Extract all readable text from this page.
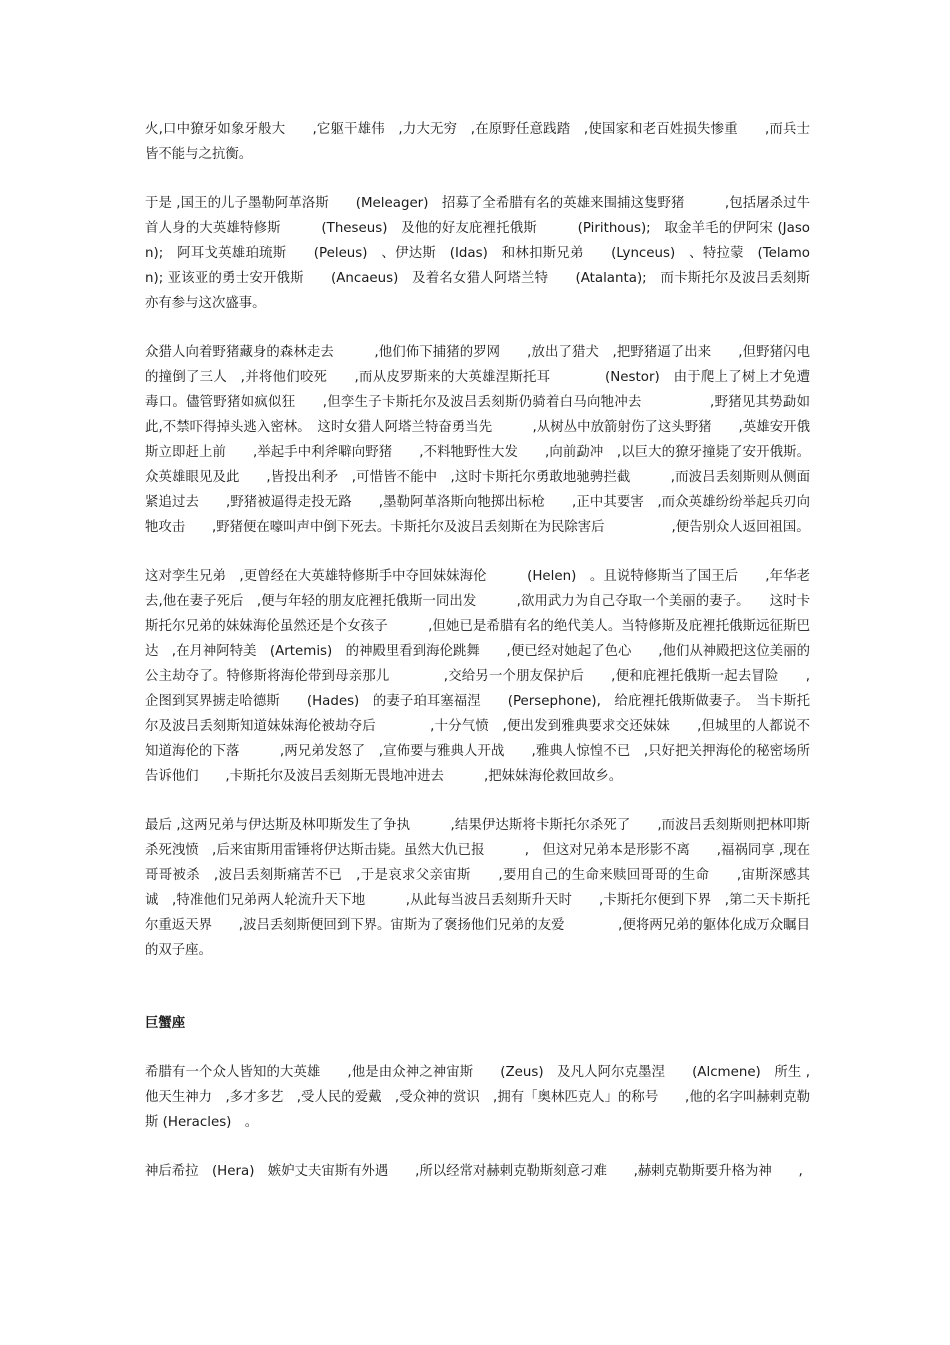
火,口中獠牙如象牙般大　　,它躯干雄伟　,力大无穷　,在原野任意践踏　,使国家和老百姓损失惨重　　,而兵士皆不能与之抗衡。

于是 ,国王的儿子墨勒阿革洛斯　　(Meleager)　招募了全希腊有名的英雄来围捕这隻野猪　　　,包括屠杀过牛首人身的大英雄特修斯　　　(Theseus)　及他的好友庇裡托俄斯　　　(Pirithous);　取金羊毛的伊阿宋 (Jason);　阿耳戈英雄珀琉斯　　(Peleus)　、伊达斯　(Idas)　和林扣斯兄弟　　(Lynceus)　、特拉蒙　(Telamon); 亚该亚的勇士安开俄斯　　(Ancaeus)　及着名女猎人阿塔兰特　　(Atalanta);　而卡斯托尔及波吕丢刻斯亦有参与这次盛事。

众猎人向着野猪藏身的森林走去　　　,他们佈下捕猪的罗网　　,放出了猎犬　,把野猪逼了出来　　,但野猪闪电的撞倒了三人　,并将他们咬死　　,而从皮罗斯来的大英雄涅斯托耳　　　　(Nestor)　由于爬上了树上才免遭毒口。儘管野猪如疯似狂　　,但孪生子卡斯托尔及波吕丢刻斯仍骑着白马向牠冲去　　　　　,野猪见其势勐如此,不禁吓得掉头逃入密林。　这时女猎人阿塔兰特奋勇当先　　　,从树丛中放箭射伤了这头野猪　　,英雄安开俄斯立即赶上前　　,举起手中利斧噼向野猪　　,不料牠野性大发　　,向前勐冲　,以巨大的獠牙撞毙了安开俄斯。众英雄眼见及此　　,皆投出利矛　,可惜皆不能中　,这时卡斯托尔勇敢地驰骋拦截　　　,而波吕丢刻斯则从侧面紧追过去　　,野猪被逼得走投无路　　,墨勒阿革洛斯向牠掷出标枪　　,正中其要害　,而众英雄纷纷举起兵刃向牠攻击　　,野猪便在嚎叫声中倒下死去。卡斯托尔及波吕丢刻斯在为民除害后　　　　　,便告别众人返回祖国。

这对孪生兄弟　,更曾经在大英雄特修斯手中夺回妹妹海伦　　　(Helen)　。且说特修斯当了国王后　　,年华老去,他在妻子死后　,便与年轻的朋友庇裡托俄斯一同出发　　　,欲用武力为自己夺取一个美丽的妻子。　　这时卡斯托尔兄弟的妹妹海伦虽然还是个女孩子　　　,但她已是希腊有名的绝代美人。当特修斯及庇裡托俄斯远征斯巴达　,在月神阿特美　(Artemis)　的神殿里看到海伦跳舞　　,便已经对她起了色心　　,他们从神殿把这位美丽的公主劫夺了。特修斯将海伦带到母亲那儿　　　　,交给另一个朋友保护后　　,便和庇裡托俄斯一起去冒险　　,企图到冥界掳走哈德斯　　(Hades)　的妻子珀耳塞福涅　　(Persephone),　给庇裡托俄斯做妻子。　当卡斯托尔及波吕丢刻斯知道妹妹海伦被劫夺后　　　　,十分气愤　,便出发到雅典要求交还妹妹　　,但城里的人都说不知道海伦的下落　　　,两兄弟发怒了　,宣佈要与雅典人开战　　,雅典人惊惶不已　,只好把关押海伦的秘密场所告诉他们　　,卡斯托尔及波吕丢刻斯无畏地冲进去　　　,把妹妹海伦救回故乡。

最后 ,这两兄弟与伊达斯及林叩斯发生了争执　　　,结果伊达斯将卡斯托尔杀死了　　,而波吕丢刻斯则把林叩斯杀死洩愤　,后来宙斯用雷锤将伊达斯击毙。虽然大仇已报　　　,　但这对兄弟本是形影不离　　,福祸同享 ,现在哥哥被杀　,波吕丢刻斯痛苦不已　,于是哀求父亲宙斯　　,要用自己的生命来赎回哥哥的生命　　,宙斯深感其诚　,特准他们兄弟两人轮流升天下地　　　,从此每当波吕丢刻斯升天时　　,卡斯托尔便到下界　,第二天卡斯托尔重返天界　　,波吕丢刻斯便回到下界。宙斯为了褒扬他们兄弟的友爱　　　　,便将两兄弟的躯体化成万众瞩目的双子座。

巨蟹座

希腊有一个众人皆知的大英雄　　,他是由众神之神宙斯　　(Zeus)　及凡人阿尔克墨涅　　(Alcmene)　所生 ,他天生神力　,多才多艺　,受人民的爱戴　,受众神的赏识　,拥有「奥林匹克人」的称号　　,他的名字叫赫剌克勒斯 (Heracles)　。

神后希拉　(Hera)　嫉妒丈夫宙斯有外遇　　,所以经常对赫剌克勒斯刻意刁难　　,赫剌克勒斯要升格为神　　,
